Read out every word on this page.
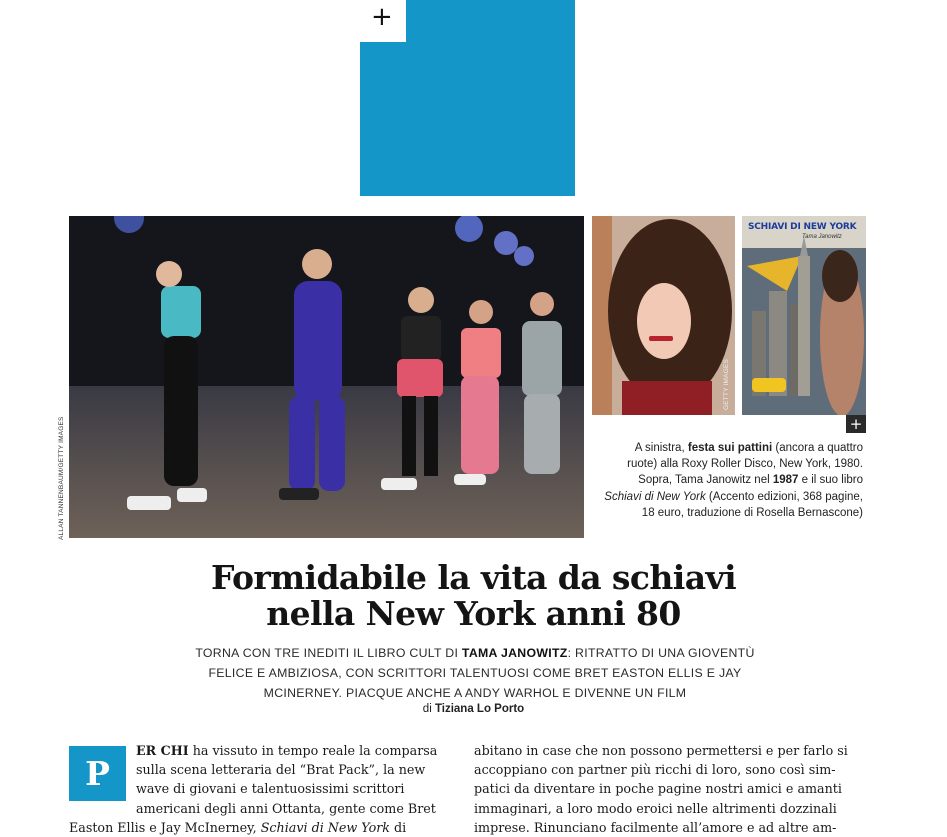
+
CULTURA
LIBRI
ARTE
FUMETTI
FOTOGRAFIA
ALLAN TANNENBAUM/GETTY IMAGES
GETTY IMAGES
SCHIAVI DI NEW YORK
Tama Janowitz
+
A sinistra, festa sui pattini (ancora a quattro ruote) alla Roxy Roller Disco, New York, 1980. Sopra, Tama Janowitz nel 1987 e il suo libro Schiavi di New York (Accento edizioni, 368 pagine, 18 euro, traduzione di Rosella Bernascone)
Formidabile la vita da schiavi
nella New York anni 80
TORNA CON TRE INEDITI IL LIBRO CULT DI TAMA JANOWITZ: RITRATTO DI UNA GIOVENTÙ FELICE E AMBIZIOSA, CON SCRITTORI TALENTUOSI COME BRET EASTON ELLIS E JAY MCINERNEY. PIACQUE ANCHE A ANDY WARHOL E DIVENNE UN FILM
di Tiziana Lo Porto
P
ER CHI ha vissuto in tempo reale la comparsa
sulla scena letteraria del “Brat Pack”, la new
wave di giovani e talentuosissimi scrittori
americani degli anni Ottanta, gente come Bret
Easton Ellis e Jay McInerney, Schiavi di New York di
abitano in case che non possono permettersi e per farlo si
accoppiano con partner più ricchi di loro, sono così sim-
patici da diventare in poche pagine nostri amici e amanti
immaginari, a loro modo eroici nelle altrimenti dozzinali
imprese. Rinunciano facilmente all’amore e ad altre am-
